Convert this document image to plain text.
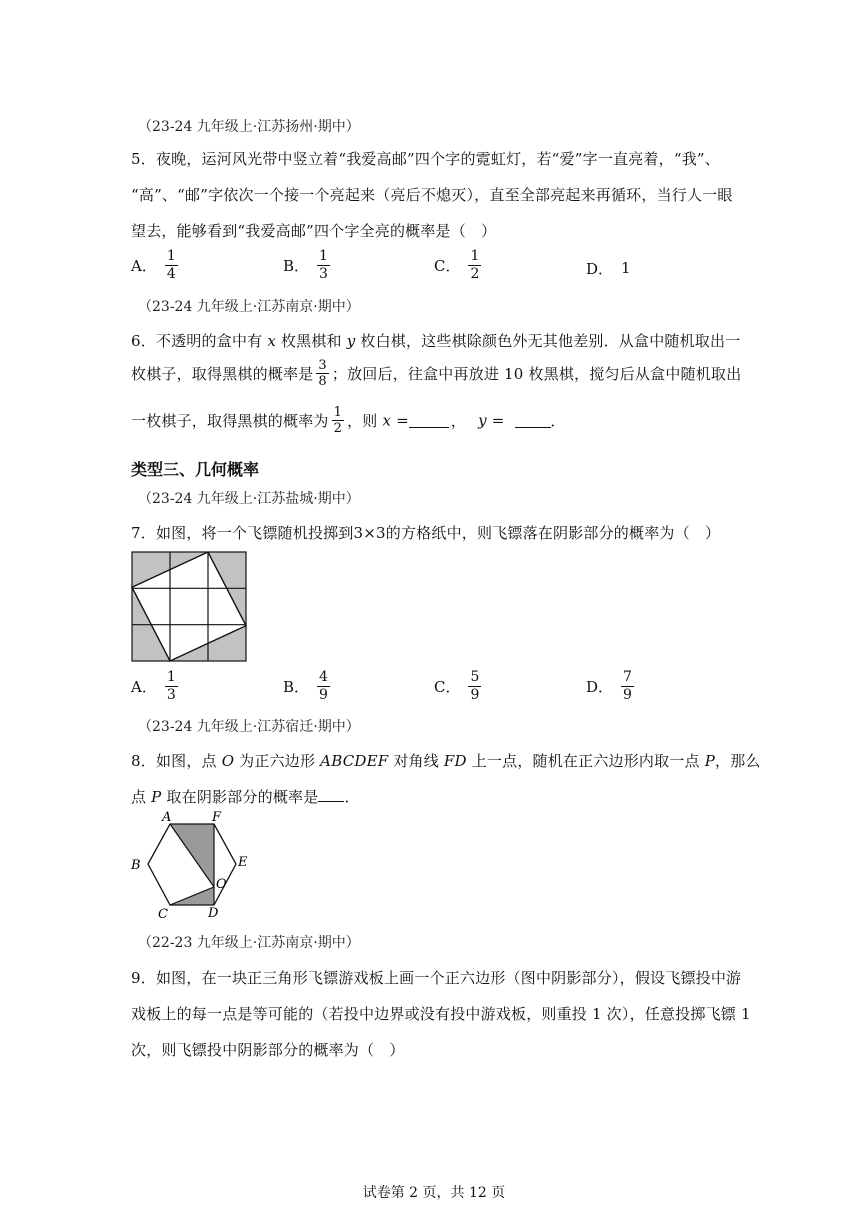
（23-24 九年级上·江苏扬州·期中）
5．夜晚，运河风光带中竖立着“我爱高邮”四个字的霓虹灯，若“爱”字一直亮着，“我”、
“高”、“邮”字依次一个接一个亮起来（亮后不熄灭），直至全部亮起来再循环，当行人一眼
望去，能够看到“我爱高邮”四个字全亮的概率是（　）
A． $\frac{1}{4}$	B． $\frac{1}{3}$	C． $\frac{1}{2}$	D． 1
（23-24 九年级上·江苏南京·期中）
6．不透明的盒中有 x 枚黑棋和 y 枚白棋，这些棋除颜色外无其他差别．从盒中随机取出一
枚棋子，取得黑棋的概率是 $\frac{3}{8}$ ；放回后，往盒中再放进 10 枚黑棋，搅匀后从盒中随机取出
一枚棋子，取得黑棋的概率为 $\frac{1}{2}$ ，则 x =	， y =	．
类型三、几何概率
（23-24 九年级上·江苏盐城·期中）
7．如图，将一个飞镖随机投掷到3×3的方格纸中，则飞镖落在阴影部分的概率为（　）
A． $\frac{1}{3}$	B． $\frac{4}{9}$	C． $\frac{5}{9}$	D． $\frac{7}{9}$
（23-24 九年级上·江苏宿迁·期中）
8．如图，点 O 为正六边形 ABCDEF 对角线 FD 上一点，随机在正六边形内取一点 P，那么
点 P 取在阴影部分的概率是 ．
A	F
B	E
O
C	D
（22-23 九年级上·江苏南京·期中）
9．如图，在一块正三角形飞镖游戏板上画一个正六边形（图中阴影部分），假设飞镖投中游
戏板上的每一点是等可能的（若投中边界或没有投中游戏板，则重投 1 次），任意投掷飞镖 1
次，则飞镖投中阴影部分的概率为（　）
试卷第 2 页，共 12 页
